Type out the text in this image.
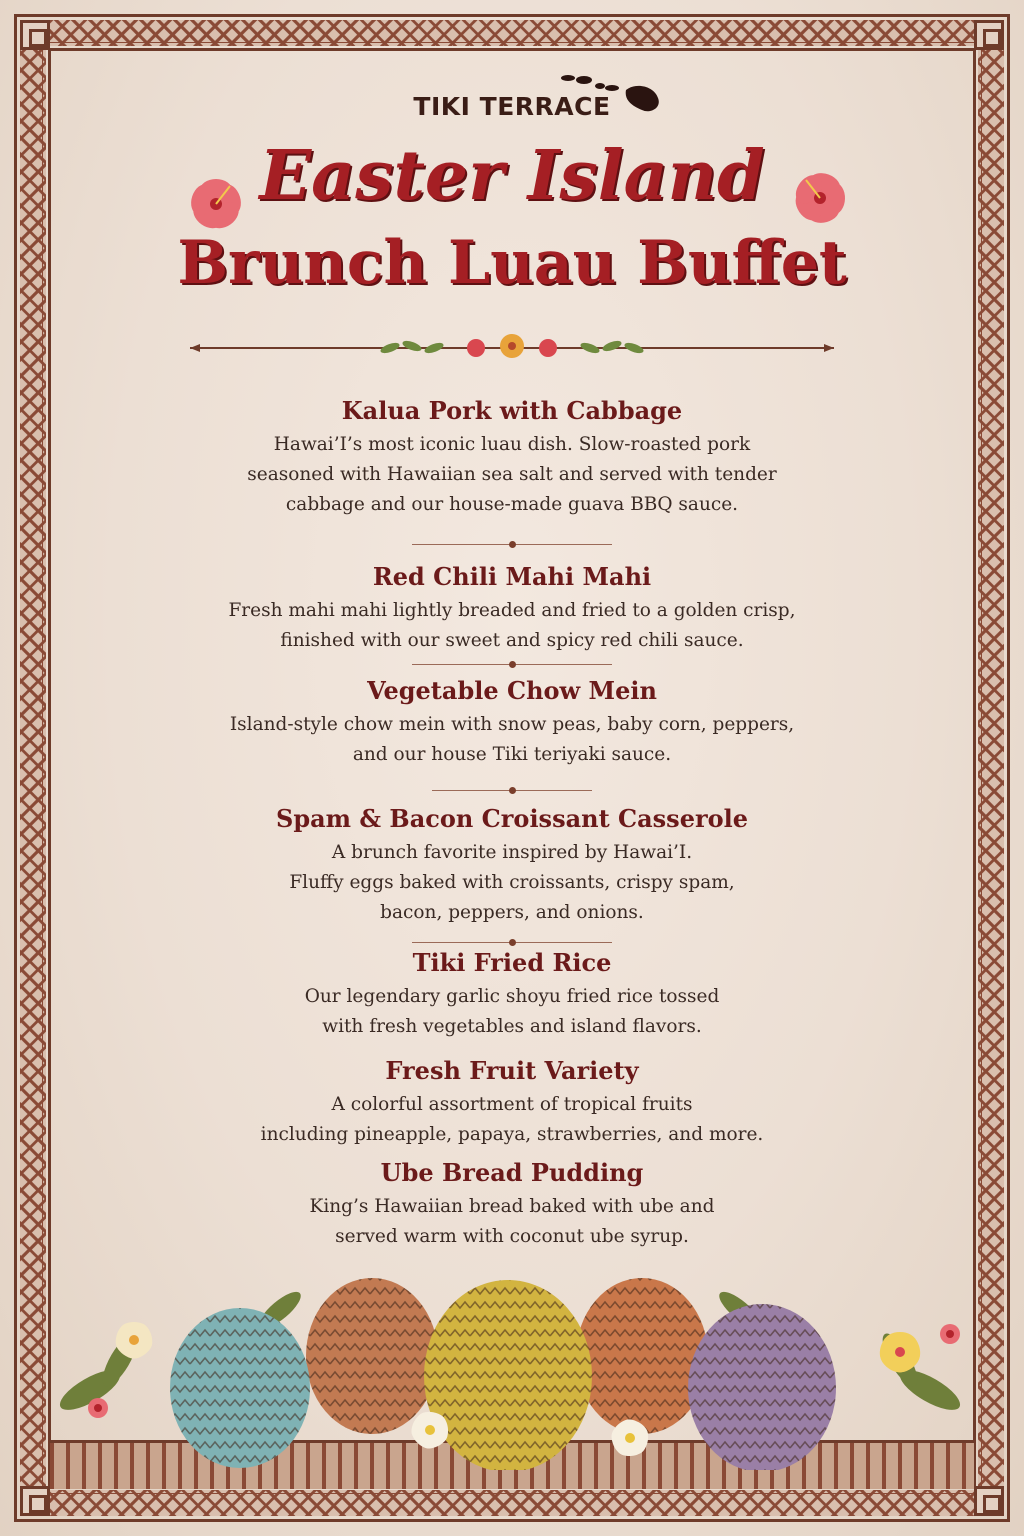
TIKI TERRACE
Easter Island
Brunch Luau Buffet

Kalua Pork with Cabbage

Hawai’I’s most iconic luau dish. Slow-roasted pork
seasoned with Hawaiian sea salt and served with tender
cabbage and our house-made guava BBQ sauce.

Red Chili Mahi Mahi

Fresh mahi mahi lightly breaded and fried to a golden crisp,
finished with our sweet and spicy red chili sauce.

Vegetable Chow Mein

Island-style chow mein with snow peas, baby corn, peppers,
and our house Tiki teriyaki sauce.

Spam & Bacon Croissant Casserole

A brunch favorite inspired by Hawai’I.
Fluffy eggs baked with croissants, crispy spam,
bacon, peppers, and onions.

Tiki Fried Rice

Our legendary garlic shoyu fried rice tossed
with fresh vegetables and island flavors.

Fresh Fruit Variety

A colorful assortment of tropical fruits
including pineapple, papaya, strawberries, and more.

Ube Bread Pudding

King’s Hawaiian bread baked with ube and
served warm with coconut ube syrup.
